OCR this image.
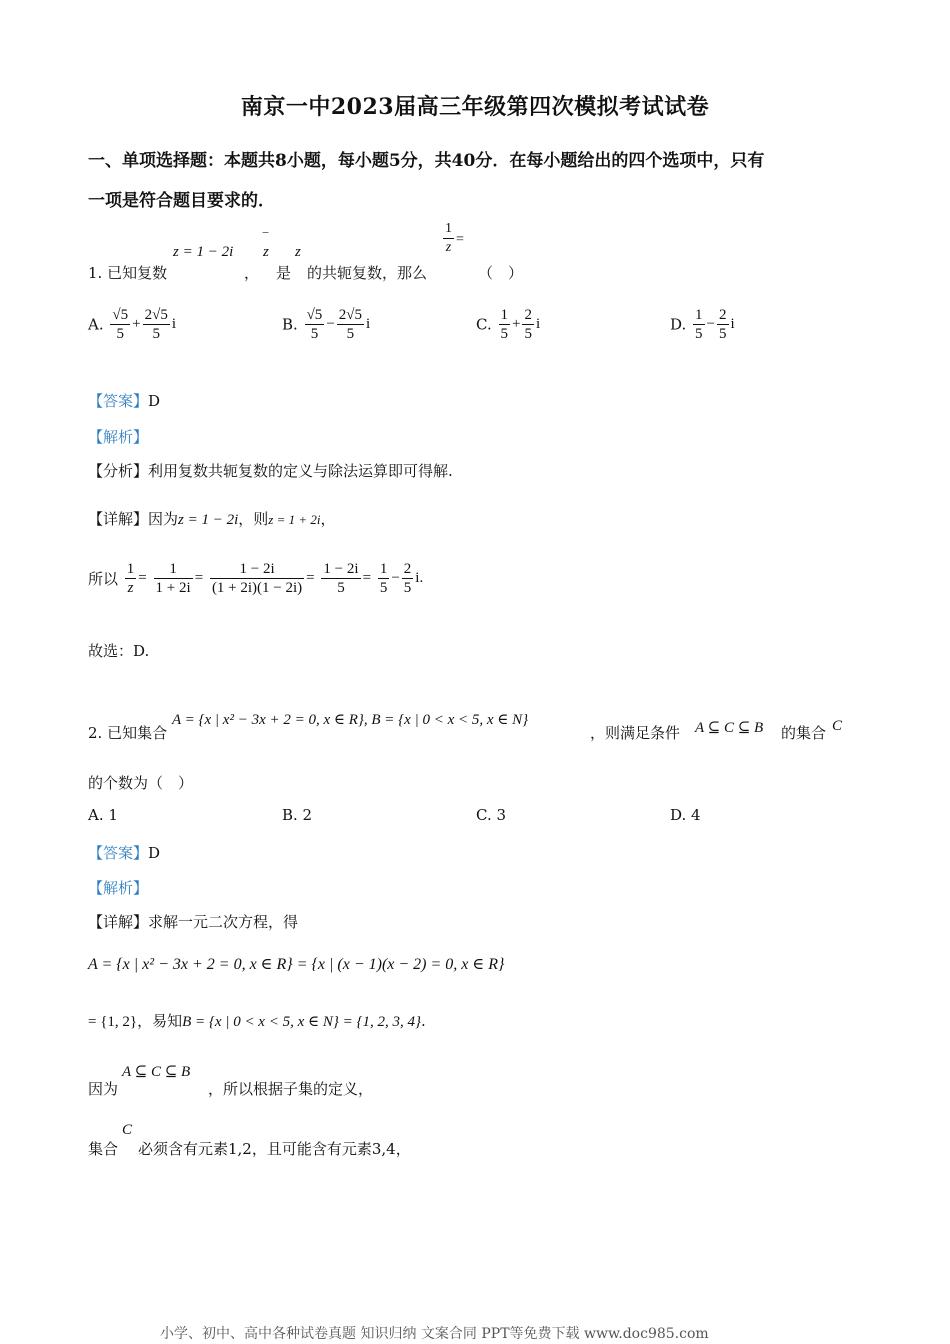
南京一中2023届高三年级第四次模拟考试试卷
一、单项选择题：本题共8小题，每小题5分，共40分．在每小题给出的四个选项中，只有
一项是符合题目要求的．
1. 已知复数
z = 1 − 2i
，
‾
z
是
z
的共轭复数，那么
$\frac{1}{z}$ =
（　）
A. $\frac{√5}{5} + \frac{2√5}{5}$ i	B. $\frac{√5}{5} - \frac{2√5}{5}$ i	C. $\frac{1}{5} + \frac{2}{5}$ i	D. $\frac{1}{5} - \frac{2}{5}$ i
【答案】D
【解析】
【分析】利用复数共轭复数的定义与除法运算即可得解.
【详解】因为z = 1 − 2i，则z = 1 + 2i，
所以 $\frac{1}{z} = \frac{1}{1 + 2i} = \frac{1 - 2i}{(1 + 2i)(1 - 2i)} = \frac{1 - 2i}{5} = \frac{1}{5} - \frac{2}{5} i$.
故选：D.
2. 已知集合
A = {x | x² − 3x + 2 = 0, x ∈ R}, B = {x | 0 < x < 5, x ∈ N}
，则满足条件 A ⊆ C ⊆ B 的集合 C
的个数为（　）
A. 1	B. 2	C. 3	D. 4
【答案】D
【解析】
【详解】求解一元二次方程，得
A = {x | x² − 3x + 2 = 0, x ∈ R} = {x | (x − 1)(x − 2) = 0, x ∈ R}
= {1, 2}，易知B = {x | 0 < x < 5, x ∈ N} = {1, 2, 3, 4}.
因为
A ⊆ C ⊆ B
，所以根据子集的定义，
集合
C
必须含有元素1,2，且可能含有元素3,4，
小学、初中、高中各种试卷真题 知识归纳 文案合同 PPT等免费下载 www.doc985.com
